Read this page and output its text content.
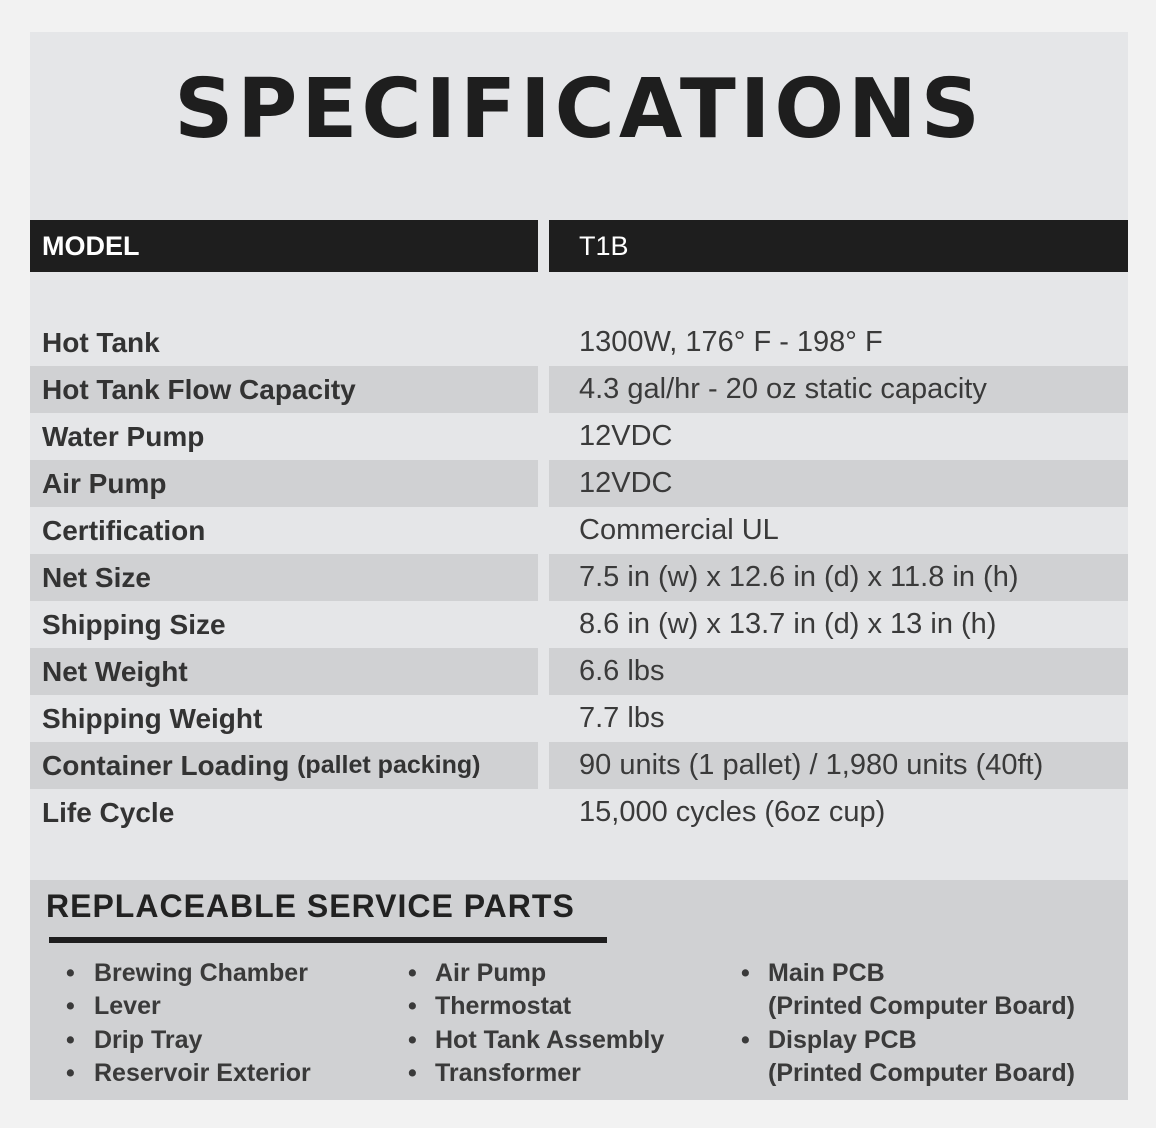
SPECIFICATIONS
MODEL	T1B
Hot Tank	1300W, 176° F - 198° F
Hot Tank Flow Capacity	4.3 gal/hr - 20 oz static capacity
Water Pump	12VDC
Air Pump	12VDC
Certification	Commercial UL
Net Size	7.5 in (w) x 12.6 in (d) x 11.8 in (h)
Shipping Size	8.6 in (w) x 13.7 in (d) x 13 in (h)
Net Weight	6.6 lbs
Shipping Weight	7.7 lbs
Container Loading
(pallet packing)	90 units (1 pallet) / 1,980 units (40ft)
Life Cycle	15,000 cycles (6oz cup)
REPLACEABLE SERVICE PARTS
• Brewing Chamber
• Lever
• Drip Tray
• Reservoir Exterior
• Air Pump
• Thermostat
• Hot Tank Assembly
• Transformer
• Main PCB
(Printed Computer Board)
• Display PCB
(Printed Computer Board)
